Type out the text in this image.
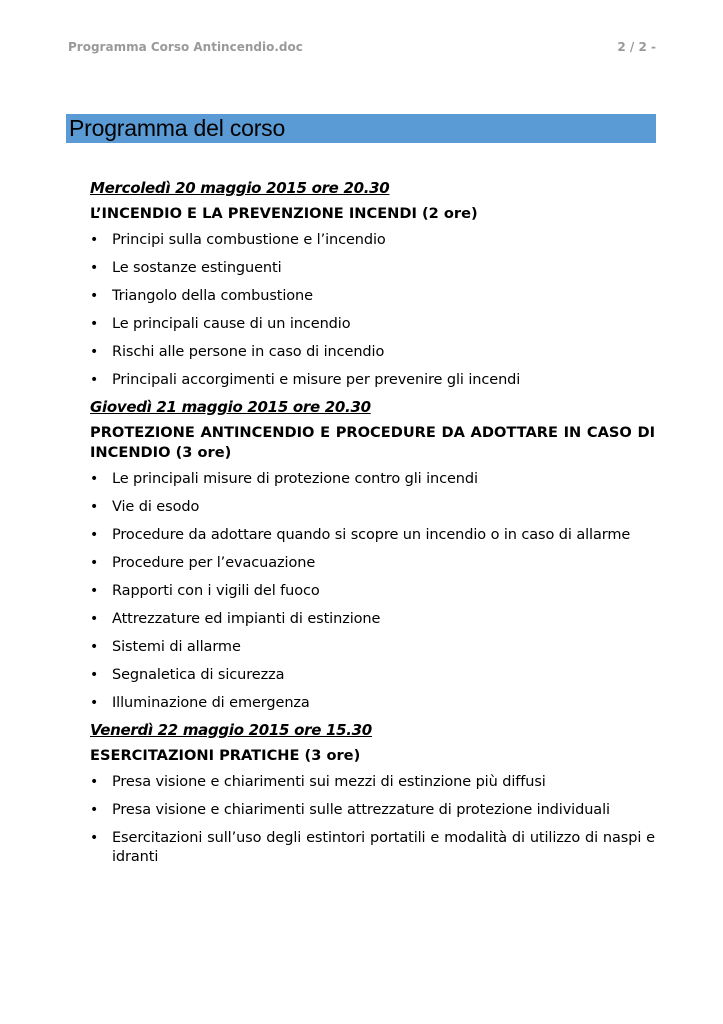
Programma Corso Antincendio.doc	2 / 2 -
Programma del corso
Mercoledì 20 maggio 2015 ore 20.30
L’INCENDIO E LA PREVENZIONE INCENDI (2 ore)
• Principi sulla combustione e l’incendio
• Le sostanze estinguenti
• Triangolo della combustione
• Le principali cause di un incendio
• Rischi alle persone in caso di incendio
• Principali accorgimenti e misure per prevenire gli incendi
Giovedì 21 maggio 2015 ore 20.30
PROTEZIONE ANTINCENDIO E PROCEDURE DA ADOTTARE IN CASO DI INCENDIO (3 ore)
• Le principali misure di protezione contro gli incendi
• Vie di esodo
• Procedure da adottare quando si scopre un incendio o in caso di allarme
• Procedure per l’evacuazione
• Rapporti con i vigili del fuoco
• Attrezzature ed impianti di estinzione
• Sistemi di allarme
• Segnaletica di sicurezza
• Illuminazione di emergenza
Venerdì 22 maggio 2015 ore 15.30
ESERCITAZIONI PRATICHE (3 ore)
• Presa visione e chiarimenti sui mezzi di estinzione più diffusi
• Presa visione e chiarimenti sulle attrezzature di protezione individuali
• Esercitazioni sull’uso degli estintori portatili e modalità di utilizzo di naspi e idranti
